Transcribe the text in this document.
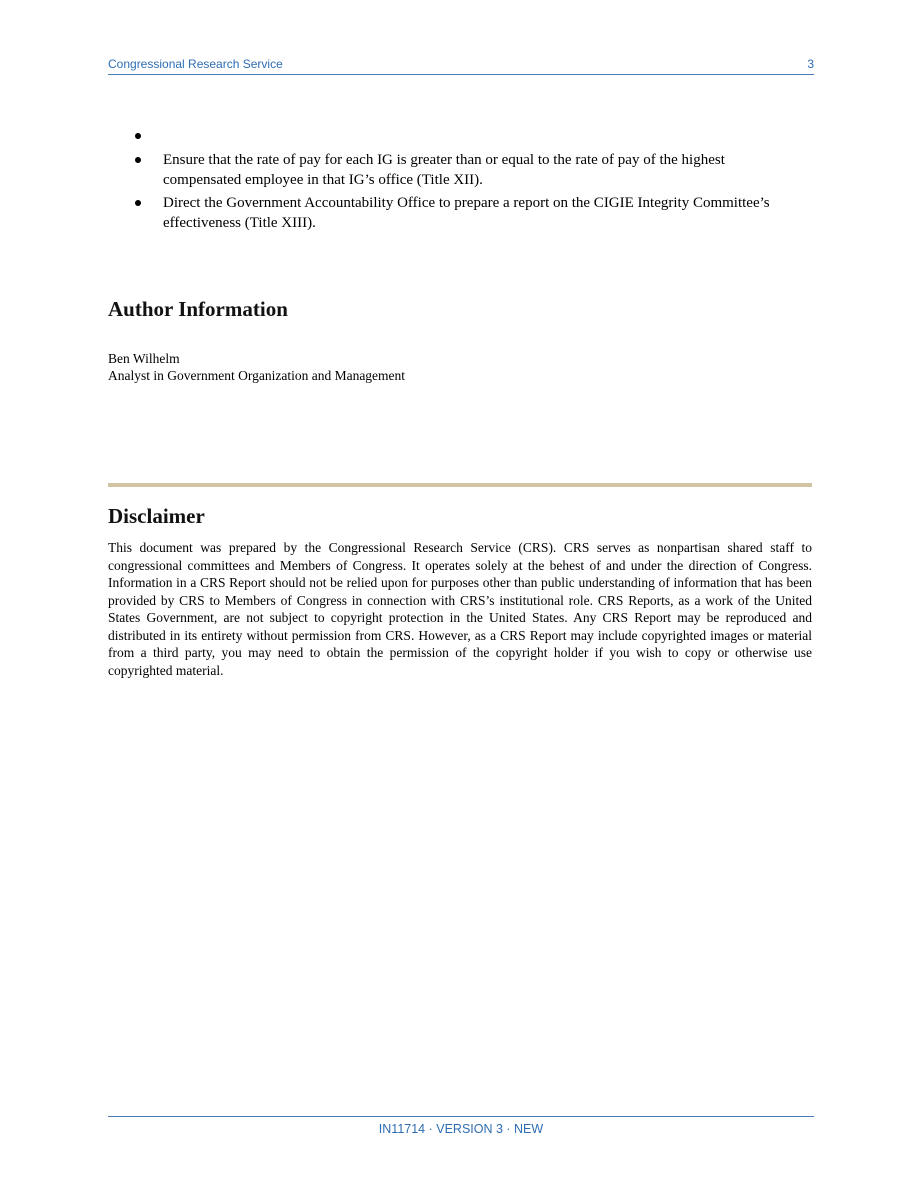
Congressional Research Service	3
Ensure that the rate of pay for each IG is greater than or equal to the rate of pay of the highest compensated employee in that IG’s office (Title XII).
Direct the Government Accountability Office to prepare a report on the CIGIE Integrity Committee’s effectiveness (Title XIII).
Author Information
Ben Wilhelm
Analyst in Government Organization and Management
Disclaimer

This document was prepared by the Congressional Research Service (CRS). CRS serves as nonpartisan shared staff to congressional committees and Members of Congress. It operates solely at the behest of and under the direction of Congress. Information in a CRS Report should not be relied upon for purposes other than public understanding of information that has been provided by CRS to Members of Congress in connection with CRS’s institutional role. CRS Reports, as a work of the United States Government, are not subject to copyright protection in the United States. Any CRS Report may be reproduced and distributed in its entirety without permission from CRS. However, as a CRS Report may include copyrighted images or material from a third party, you may need to obtain the permission of the copyright holder if you wish to copy or otherwise use copyrighted material.

IN11714 · VERSION 3 · NEW
